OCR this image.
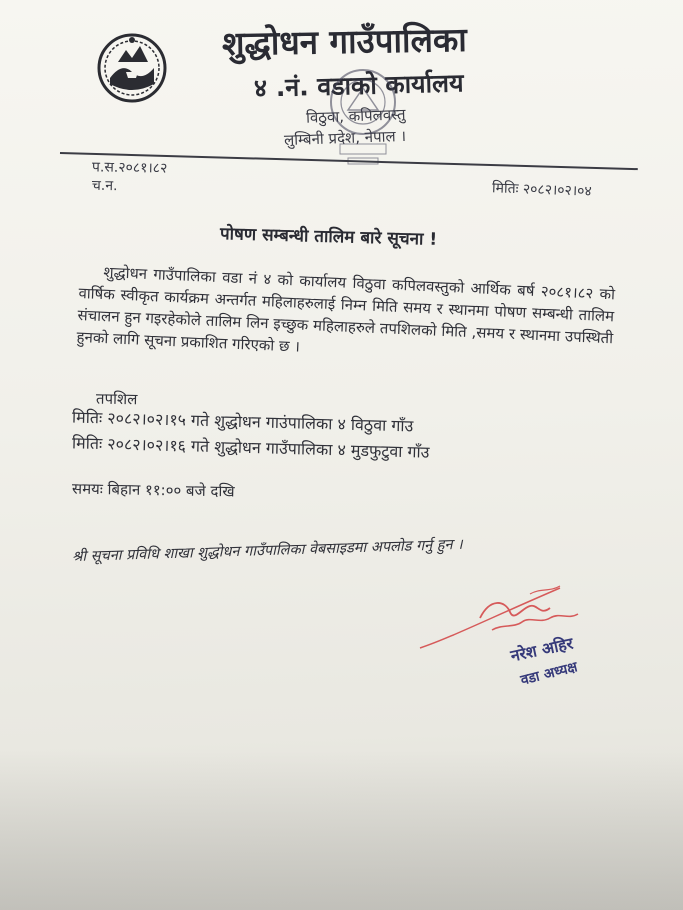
शुद्धोधन गाउँपालिका
४ .नं. वडाको कार्यालय
विठुवा, कपिलवस्तु
लुम्बिनी प्रदेश, नेपाल ।
प.स.२०८१।८२
च.न.	मितिः २०८२।०२।०४
पोषण सम्बन्धी तालिम बारे सूचना !
शुद्धोधन गाउँपालिका वडा नं ४ को कार्यालय विठुवा कपिलवस्तुको आर्थिक बर्ष २०८१।८२ को वार्षिक स्वीकृत कार्यक्रम अन्तर्गत महिलाहरुलाई निम्न मिति समय र स्थानमा पोषण सम्बन्धी तालिम संचालन हुन गइरहेकोले तालिम लिन इच्छुक महिलाहरुले तपशिलको मिति ,समय र स्थानमा उपस्थिती हुनको लागि सूचना प्रकाशित गरिएको छ ।
तपशिल
मितिः २०८२।०२।१५ गते शुद्धोधन गाउंपालिका ४ विठुवा गाँउ
मितिः २०८२।०२।१६ गते शुद्धोधन गाउँपालिका ४ मुडफुटुवा गाँउ
समयः बिहान ११:०० बजे दखि
श्री सूचना प्रविधि शाखा शुद्धोधन गाउँपालिका वेबसाइडमा अपलोड गर्नु हुन ।
नरेश अहिर
वडा अध्यक्ष
